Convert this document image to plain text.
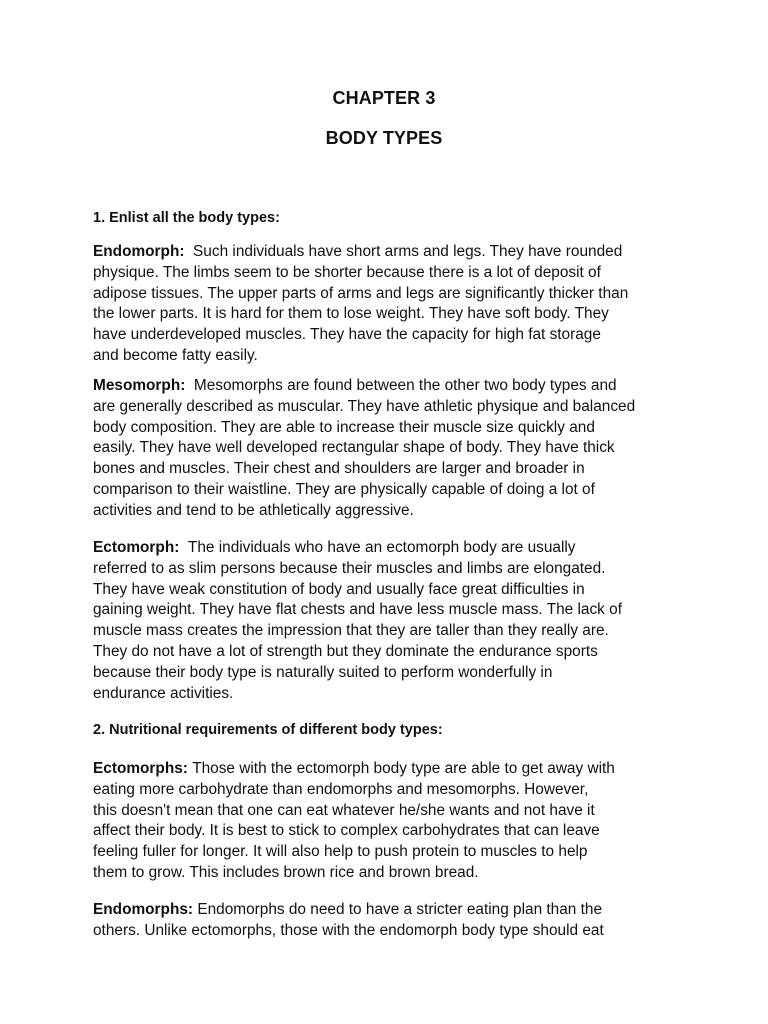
CHAPTER 3
BODY TYPES
1. Enlist all the body types:
Endomorph: Such individuals have short arms and legs. They have rounded
physique. The limbs seem to be shorter because there is a lot of deposit of
adipose tissues. The upper parts of arms and legs are significantly thicker than
the lower parts. It is hard for them to lose weight. They have soft body. They
have underdeveloped muscles. They have the capacity for high fat storage
and become fatty easily.
Mesomorph: Mesomorphs are found between the other two body types and
are generally described as muscular. They have athletic physique and balanced
body composition. They are able to increase their muscle size quickly and
easily. They have well developed rectangular shape of body. They have thick
bones and muscles. Their chest and shoulders are larger and broader in
comparison to their waistline. They are physically capable of doing a lot of
activities and tend to be athletically aggressive.
Ectomorph: The individuals who have an ectomorph body are usually
referred to as slim persons because their muscles and limbs are elongated.
They have weak constitution of body and usually face great difficulties in
gaining weight. They have flat chests and have less muscle mass. The lack of
muscle mass creates the impression that they are taller than they really are.
They do not have a lot of strength but they dominate the endurance sports
because their body type is naturally suited to perform wonderfully in
endurance activities.
2. Nutritional requirements of different body types:
Ectomorphs: Those with the ectomorph body type are able to get away with
eating more carbohydrate than endomorphs and mesomorphs. However,
this doesn't mean that one can eat whatever he/she wants and not have it
affect their body. It is best to stick to complex carbohydrates that can leave
feeling fuller for longer. It will also help to push protein to muscles to help
them to grow. This includes brown rice and brown bread.
Endomorphs: Endomorphs do need to have a stricter eating plan than the
others. Unlike ectomorphs, those with the endomorph body type should eat
